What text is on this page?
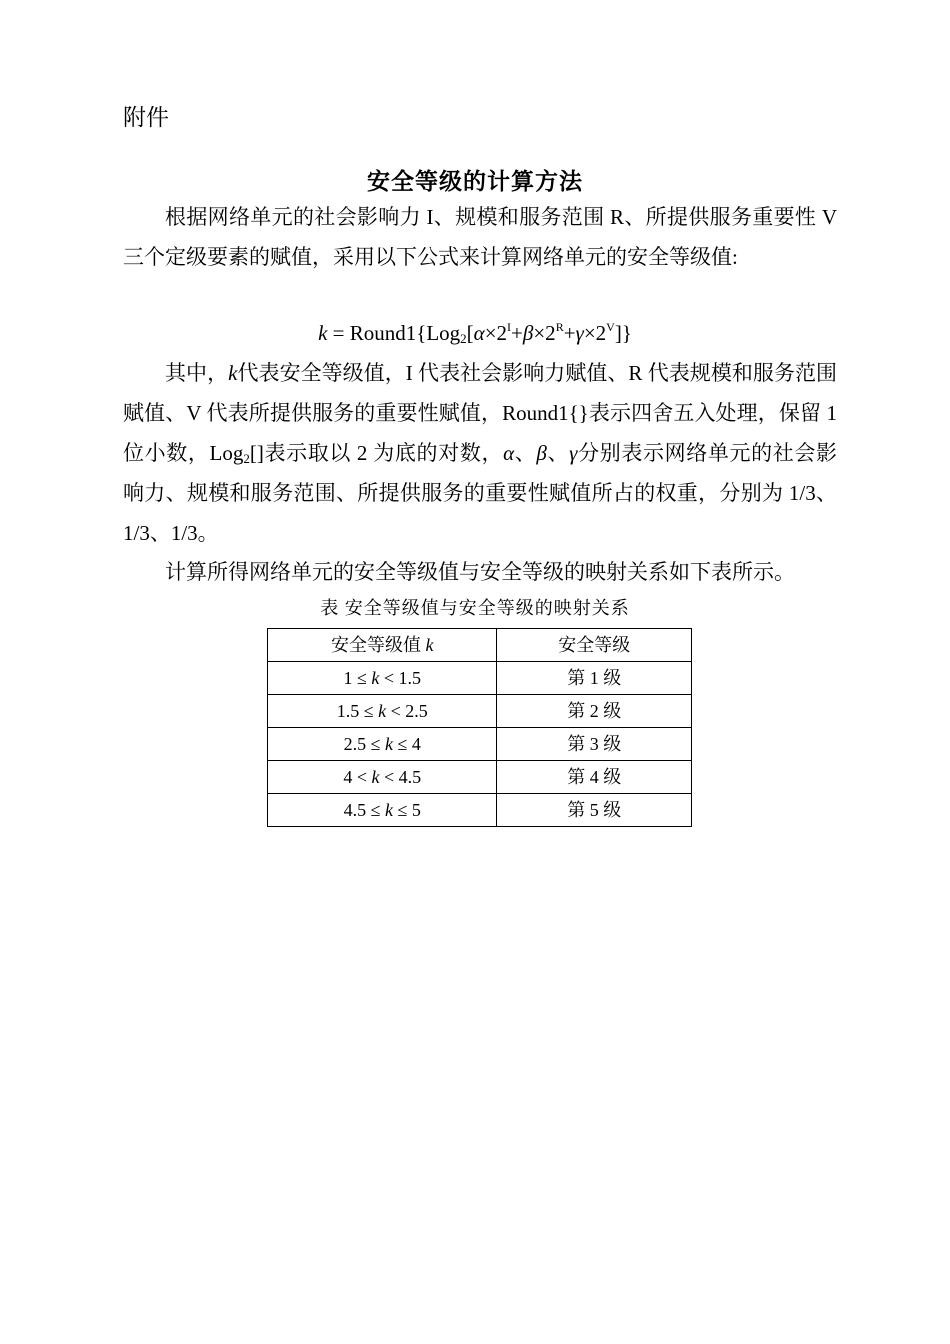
附件
安全等级的计算方法

根据网络单元的社会影响力 I、规模和服务范围 R、所提供服务重要性 V 三个定级要素的赋值，采用以下公式来计算网络单元的安全等级值:

$k = Round1\{Log_2[\alpha\times 2^I+\beta\times 2^R+\gamma\times 2^V]\}$

其中，k代表安全等级值，I 代表社会影响力赋值、R 代表规模和服务范围赋值、V 代表所提供服务的重要性赋值，Round1{}表示四舍五入处理，保留 1 位小数，Log$_2$[]表示取以 2 为底的对数，α、β、γ分别表示网络单元的社会影响力、规模和服务范围、所提供服务的重要性赋值所占的权重，分别为 1/3、1/3、1/3。

计算所得网络单元的安全等级值与安全等级的映射关系如下表所示。

表 安全等级值与安全等级的映射关系
安全等级值 k	安全等级
1 ≤ k < 1.5	第 1 级
1.5 ≤ k < 2.5	第 2 级
2.5 ≤ k ≤ 4	第 3 级
4 < k < 4.5	第 4 级
4.5 ≤ k ≤ 5	第 5 级
